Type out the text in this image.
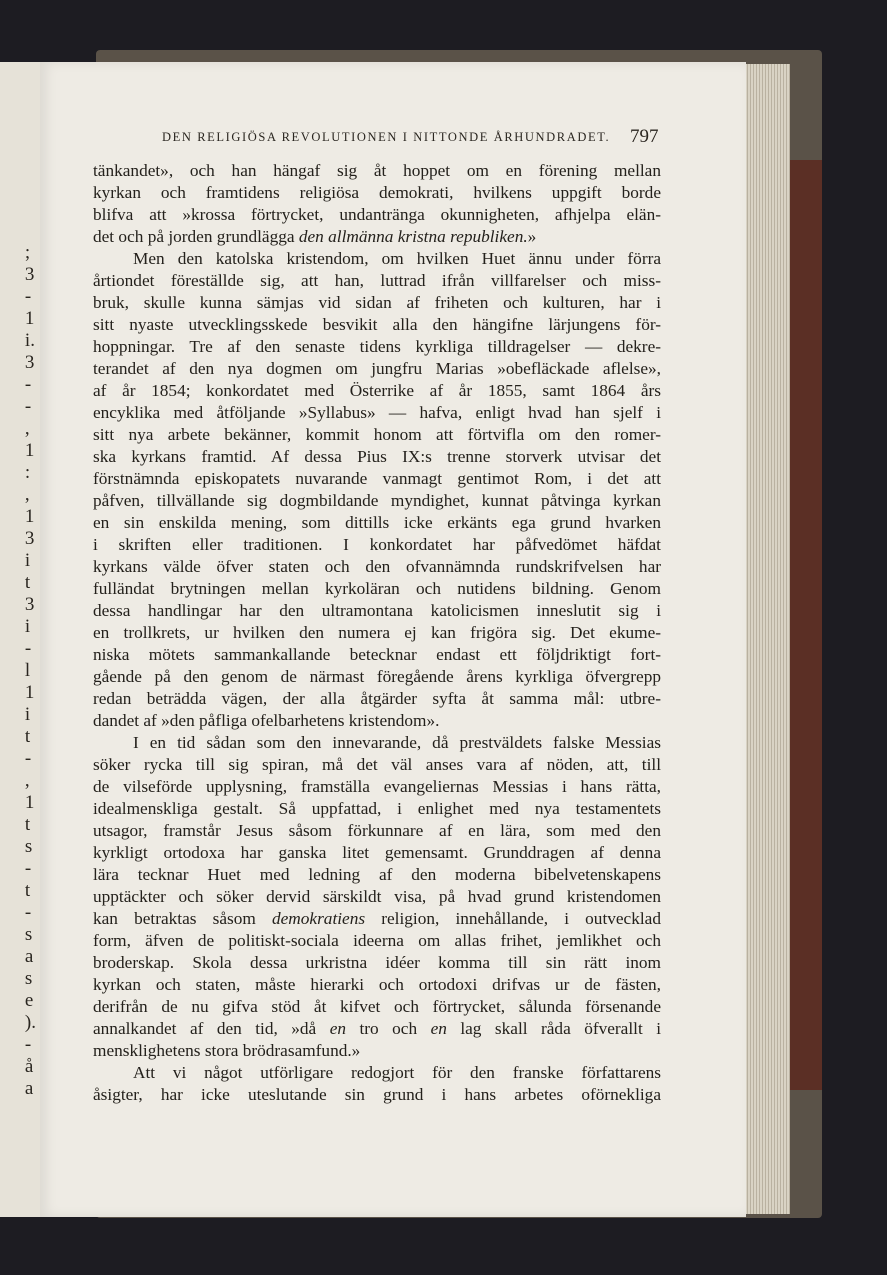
;
3
-
1
i.
3
-
-
,
1
:
,
1
3
i
t
3
i
-
l
1
i
t
-
,
1
t
s
-
t
-
s
a
s
e
).
-
å
a
DEN RELIGIÖSA REVOLUTIONEN I NITTONDE ÅRHUNDRADET.	797
tänkandet», och han hängaf sig åt hoppet om en förening mellan
kyrkan och framtidens religiösa demokrati, hvilkens uppgift borde
blifva att »krossa förtrycket, undantränga okunnigheten, afhjelpa elän-
det och på jorden grundlägga den allmänna kristna republiken.»
Men den katolska kristendom, om hvilken Huet ännu under förra
årtiondet föreställde sig, att han, luttrad ifrån villfarelser och miss-
bruk, skulle kunna sämjas vid sidan af friheten och kulturen, har i
sitt nyaste utvecklingsskede besvikit alla den hängifne lärjungens för-
hoppningar. Tre af den senaste tidens kyrkliga tilldragelser — dekre-
terandet af den nya dogmen om jungfru Marias »obefläckade aflelse»,
af år 1854; konkordatet med Österrike af år 1855, samt 1864 års
encyklika med åtföljande »Syllabus» — hafva, enligt hvad han sjelf i
sitt nya arbete bekänner, kommit honom att förtvifla om den romer-
ska kyrkans framtid. Af dessa Pius IX:s trenne storverk utvisar det
förstnämnda episkopatets nuvarande vanmagt gentimot Rom, i det att
påfven, tillvällande sig dogmbildande myndighet, kunnat påtvinga kyrkan
en sin enskilda mening, som dittills icke erkänts ega grund hvarken
i skriften eller traditionen. I konkordatet har påfvedömet häfdat
kyrkans välde öfver staten och den ofvannämnda rundskrifvelsen har
fulländat brytningen mellan kyrkoläran och nutidens bildning. Genom
dessa handlingar har den ultramontana katolicismen inneslutit sig i
en trollkrets, ur hvilken den numera ej kan frigöra sig. Det ekume-
niska mötets sammankallande betecknar endast ett följdriktigt fort-
gående på den genom de närmast föregående årens kyrkliga öfvergrepp
redan beträdda vägen, der alla åtgärder syfta åt samma mål: utbre-
dandet af »den påfliga ofelbarhetens kristendom».
I en tid sådan som den innevarande, då prestväldets falske Messias
söker rycka till sig spiran, må det väl anses vara af nöden, att, till
de vilseförde upplysning, framställa evangeliernas Messias i hans rätta,
idealmenskliga gestalt. Så uppfattad, i enlighet med nya testamentets
utsagor, framstår Jesus såsom förkunnare af en lära, som med den
kyrkligt ortodoxa har ganska litet gemensamt. Grunddragen af denna
lära tecknar Huet med ledning af den moderna bibelvetenskapens
upptäckter och söker dervid särskildt visa, på hvad grund kristendomen
kan betraktas såsom demokratiens religion, innehållande, i outvecklad
form, äfven de politiskt-sociala ideerna om allas frihet, jemlikhet och
broderskap. Skola dessa urkristna idéer komma till sin rätt inom
kyrkan och staten, måste hierarki och ortodoxi drifvas ur de fästen,
derifrån de nu gifva stöd åt kifvet och förtrycket, sålunda försenande
annalkandet af den tid, »då en tro och en lag skall råda öfverallt i
mensklighetens stora brödrasamfund.»
Att vi något utförligare redogjort för den franske författarens
åsigter, har icke uteslutande sin grund i hans arbetes oförnekliga
